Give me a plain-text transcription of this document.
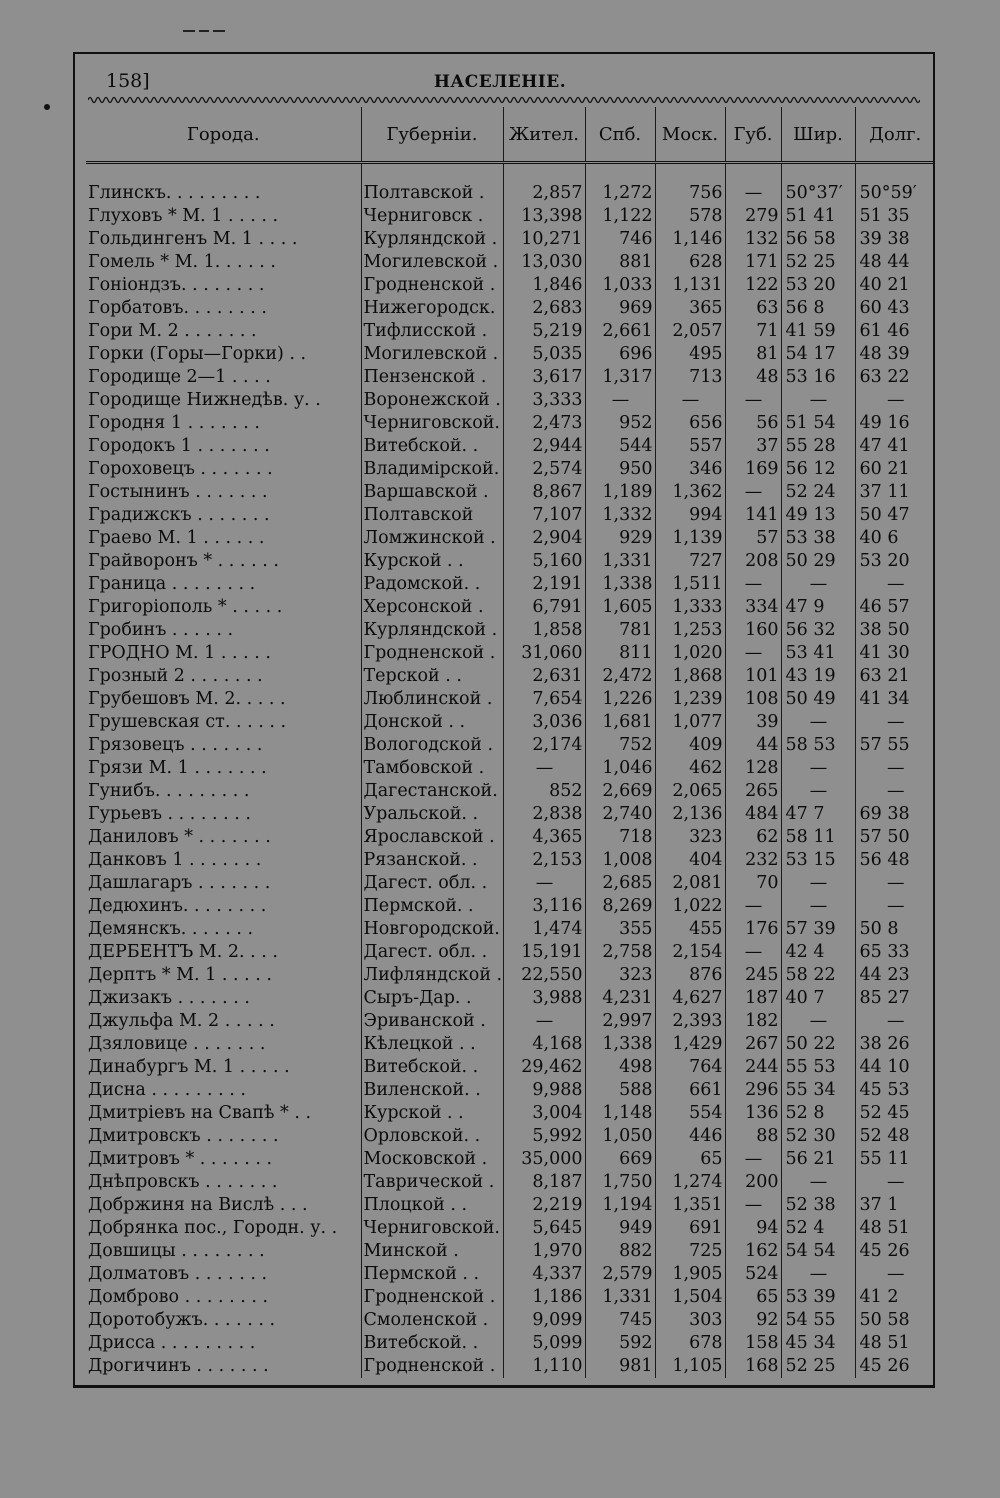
158]	НАСЕЛЕНІЕ.
Города.	Губерніи.	Жител.	Спб.	Моск.	Губ.	Шир.	Долг.

Глинскъ. . . . . . . . .	Полтавской .	2,857	1,272	756	—	50°37′	50°59′
Глуховъ * М. 1 . . . . .	Черниговск .	13,398	1,122	578	279	51 41	51 35
Гольдингенъ М. 1 . . . .	Курляндской .	10,271	746	1,146	132	56 58	39 38
Гомель * М. 1. . . . . .	Могилевской .	13,030	881	628	171	52 25	48 44
Гоніондзъ. . . . . . . .	Гродненской .	1,846	1,033	1,131	122	53 20	40 21
Горбатовъ. . . . . . . .	Нижегородск.	2,683	969	365	63	56 8	60 43
Гори М. 2 . . . . . . .	Тифлисской .	5,219	2,661	2,057	71	41 59	61 46
Горки (Горы—Горки) . .	Могилевской .	5,035	696	495	81	54 17	48 39
Городище 2—1 . . . .	Пензенской .	3,617	1,317	713	48	53 16	63 22
Городище Нижнедѣв. у. .	Воронежской .	3,333	—	—	—	—	—
Городня 1 . . . . . . .	Черниговской.	2,473	952	656	56	51 54	49 16
Городокъ 1 . . . . . . .	Витебской. .	2,944	544	557	37	55 28	47 41
Гороховецъ . . . . . . .	Владимірской.	2,574	950	346	169	56 12	60 21
Гостынинъ . . . . . . .	Варшавской .	8,867	1,189	1,362	—	52 24	37 11
Градижскъ . . . . . . .	Полтавской	7,107	1,332	994	141	49 13	50 47
Граево М. 1 . . . . . .	Ломжинской .	2,904	929	1,139	57	53 38	40 6
Грайворонъ * . . . . . .	Курской . .	5,160	1,331	727	208	50 29	53 20
Граница . . . . . . . .	Радомской. .	2,191	1,338	1,511	—	—	—
Григоріополь * . . . . .	Херсонской .	6,791	1,605	1,333	334	47 9	46 57
Гробинъ . . . . . .	Курляндской .	1,858	781	1,253	160	56 32	38 50
ГРОДНО М. 1 . . . . .	Гродненской .	31,060	811	1,020	—	53 41	41 30
Грозный 2 . . . . . . .	Терской . .	2,631	2,472	1,868	101	43 19	63 21
Грубешовъ М. 2. . . . .	Люблинской .	7,654	1,226	1,239	108	50 49	41 34
Грушевская ст. . . . . .	Донской . .	3,036	1,681	1,077	39	—	—
Грязовецъ . . . . . . .	Вологодской .	2,174	752	409	44	58 53	57 55
Грязи М. 1 . . . . . . .	Тамбовской .	—	1,046	462	128	—	—
Гунибъ. . . . . . . . .	Дагестанской.	852	2,669	2,065	265	—	—
Гурьевъ . . . . . . . .	Уральской. .	2,838	2,740	2,136	484	47 7	69 38
Даниловъ * . . . . . . .	Ярославской .	4,365	718	323	62	58 11	57 50
Данковъ 1 . . . . . . .	Рязанской. .	2,153	1,008	404	232	53 15	56 48
Дашлагаръ . . . . . . .	Дагест. обл. .	—	2,685	2,081	70	—	—
Дедюхинъ. . . . . . . .	Пермской. .	3,116	8,269	1,022	—	—	—
Демянскъ. . . . . . .	Новгородской.	1,474	355	455	176	57 39	50 8
ДЕРБЕНТЪ М. 2. . . .	Дагест. обл. .	15,191	2,758	2,154	—	42 4	65 33
Дерптъ * М. 1 . . . . .	Лифляндской .	22,550	323	876	245	58 22	44 23
Джизакъ . . . . . . .	Сыръ-Дар. .	3,988	4,231	4,627	187	40 7	85 27
Джульфа М. 2 . . . . .	Эриванской .	—	2,997	2,393	182	—	—
Дзяловице . . . . . . .	Кѣлецкой . .	4,168	1,338	1,429	267	50 22	38 26
Динабургъ М. 1 . . . . .	Витебской. .	29,462	498	764	244	55 53	44 10
Дисна . . . . . . . . .	Виленской. .	9,988	588	661	296	55 34	45 53
Дмитріевъ на Свапѣ * . .	Курской . .	3,004	1,148	554	136	52 8	52 45
Дмитровскъ . . . . . . .	Орловской. .	5,992	1,050	446	88	52 30	52 48
Дмитровъ * . . . . . . .	Московской .	35,000	669	65	—	56 21	55 11
Днѣпровскъ . . . . . . .	Таврической .	8,187	1,750	1,274	200	—	—
Добржиня на Вислѣ . . .	Плоцкой . .	2,219	1,194	1,351	—	52 38	37 1
Добрянка пос., Городн. у. .	Черниговской.	5,645	949	691	94	52 4	48 51
Довшицы . . . . . . . .	Минской .	1,970	882	725	162	54 54	45 26
Долматовъ . . . . . . .	Пермской . .	4,337	2,579	1,905	524	—	—
Домброво . . . . . . . .	Гродненской .	1,186	1,331	1,504	65	53 39	41 2
Доротобужъ. . . . . . .	Смоленской .	9,099	745	303	92	54 55	50 58
Дрисса . . . . . . . . .	Витебской. .	5,099	592	678	158	45 34	48 51
Дрогичинъ . . . . . . .	Гродненской .	1,110	981	1,105	168	52 25	45 26
